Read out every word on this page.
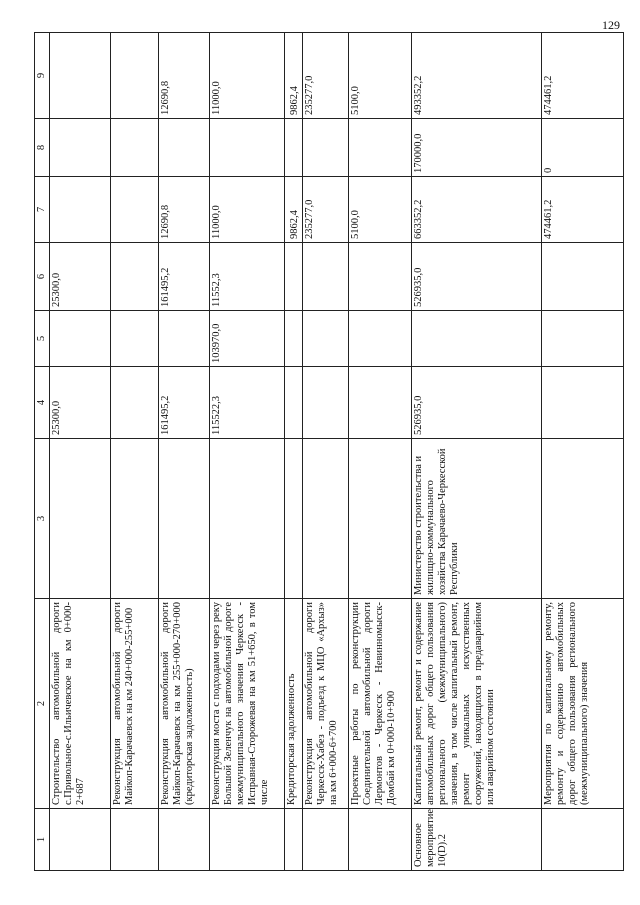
129
1	2	3	4	5	6	7	8	9
	Строительство автомобильной дороги с.Привольное-с.Ильичевское на км 0+000-2+687		25300,0		25300,0			
	Реконструкция автомобильной дороги Майкоп-Карачаевск на км 240+000-255+000							
	Реконструкция автомобильной дороги Майкоп-Карачаевск на км 255+000-270+000 (кредиторская задолженность)		161495,2		161495,2	12690,8		12690,8
	Реконструкция моста с подходами через реку Большой Зеленчук на автомобильной дороге межмуниципального значения Черкесск - Исправная-Сторожевая на км 51+650, в том числе		115522,3	103970,0	11552,3	11000,0		11000,0
	Кредиторская задолженность					9862,4		9862,4
	Реконструкция автомобильной дороги Черкесск-Хабез - подъезд к МЦО «Архыз» на км 6+000-6+700					235277,0		235277,0
	Проектные работы по реконструкции Соединительной автомобильной дороги Лермонтов - Черкесск - Невинномысск-Домбай км 0+000-10+900					5100,0		5100,0
Основное мероприятие 10(D).2	Капитальный ремонт, ремонт и содержание автомобильных дорог общего пользования регионального (межмуниципального) значения, в том числе капитальный ремонт, ремонт уникальных искусственных сооружений, находящихся в предаварийном или аварийном состоянии	Министерство строительства и жилищно-коммунального хозяйства Карачаево-Черкесской Республики	526935,0		526935,0	663352,2	170000,0	493352,2
	Мероприятия по капитальному ремонту, ремонту и содержанию автомобильных дорог общего пользования регионального (межмуниципального) значения					474461,2	0	474461,2
